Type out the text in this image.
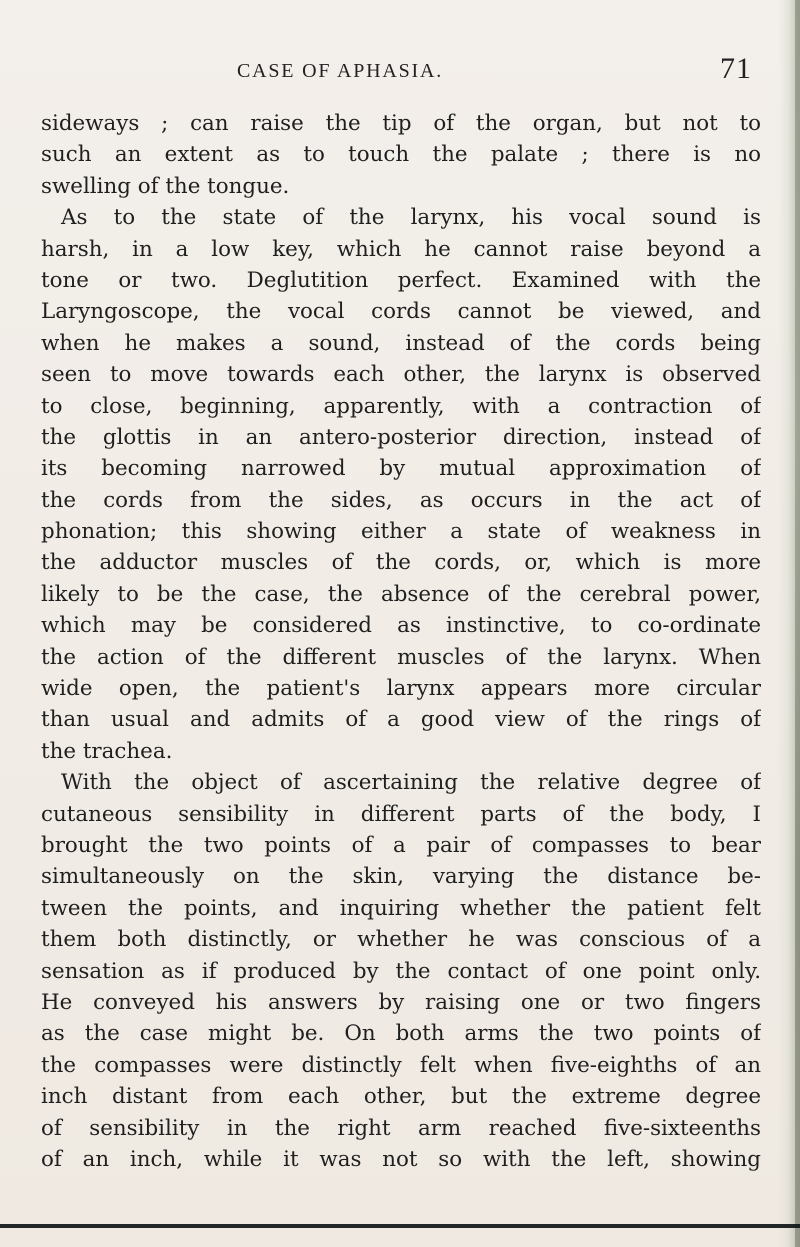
CASE OF APHASIA.	71
sideways ; can raise the tip of the organ, but not to
such an extent as to touch the palate ; there is no
swelling of the tongue.
As to the state of the larynx, his vocal sound is
harsh, in a low key, which he cannot raise beyond a
tone or two. Deglutition perfect. Examined with the
Laryngoscope, the vocal cords cannot be viewed, and
when he makes a sound, instead of the cords being
seen to move towards each other, the larynx is observed
to close, beginning, apparently, with a contraction of
the glottis in an antero-posterior direction, instead of
its becoming narrowed by mutual approximation of
the cords from the sides, as occurs in the act of
phonation; this showing either a state of weakness in
the adductor muscles of the cords, or, which is more
likely to be the case, the absence of the cerebral power,
which may be considered as instinctive, to co-ordinate
the action of the different muscles of the larynx. When
wide open, the patient's larynx appears more circular
than usual and admits of a good view of the rings of
the trachea.
With the object of ascertaining the relative degree of
cutaneous sensibility in different parts of the body, I
brought the two points of a pair of compasses to bear
simultaneously on the skin, varying the distance be-
tween the points, and inquiring whether the patient felt
them both distinctly, or whether he was conscious of a
sensation as if produced by the contact of one point only.
He conveyed his answers by raising one or two fingers
as the case might be. On both arms the two points of
the compasses were distinctly felt when five-eighths of an
inch distant from each other, but the extreme degree
of sensibility in the right arm reached five-sixteenths
of an inch, while it was not so with the left, showing
